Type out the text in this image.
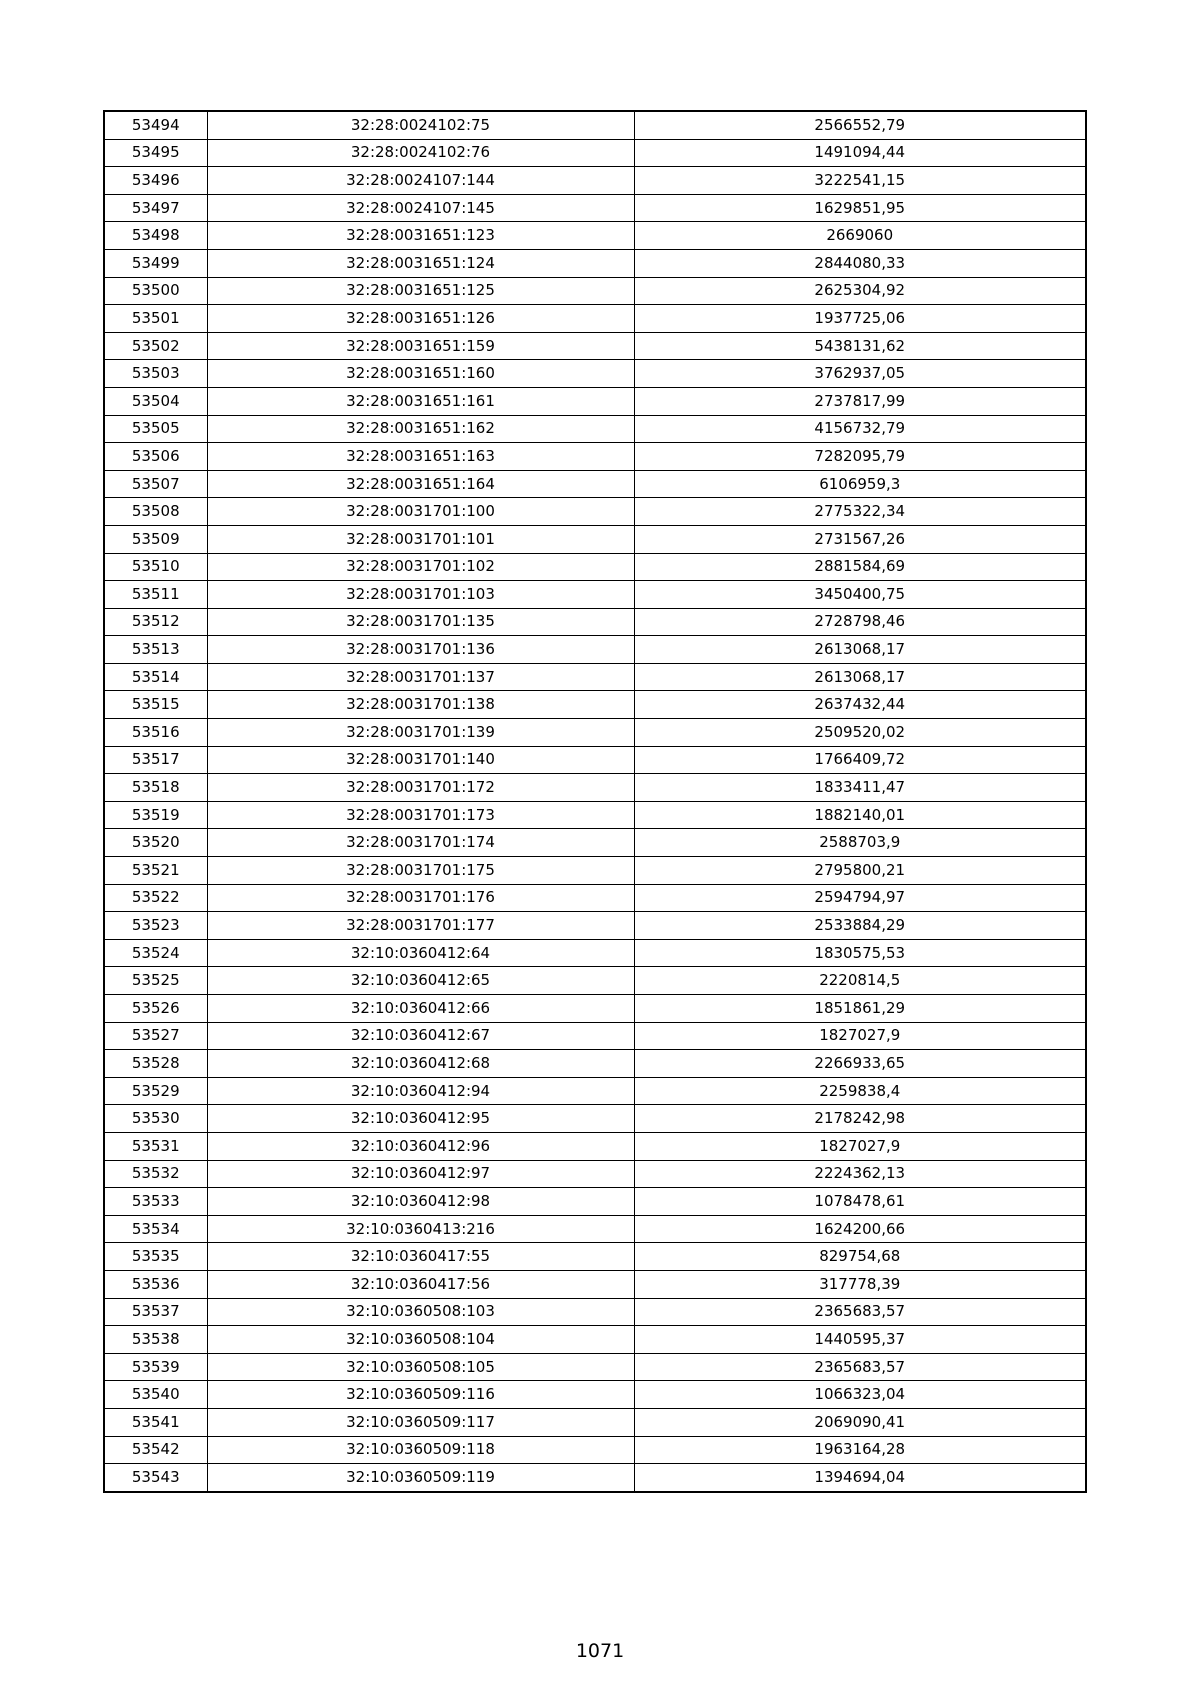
53494	32:28:0024102:75	2566552,79
53495	32:28:0024102:76	1491094,44
53496	32:28:0024107:144	3222541,15
53497	32:28:0024107:145	1629851,95
53498	32:28:0031651:123	2669060
53499	32:28:0031651:124	2844080,33
53500	32:28:0031651:125	2625304,92
53501	32:28:0031651:126	1937725,06
53502	32:28:0031651:159	5438131,62
53503	32:28:0031651:160	3762937,05
53504	32:28:0031651:161	2737817,99
53505	32:28:0031651:162	4156732,79
53506	32:28:0031651:163	7282095,79
53507	32:28:0031651:164	6106959,3
53508	32:28:0031701:100	2775322,34
53509	32:28:0031701:101	2731567,26
53510	32:28:0031701:102	2881584,69
53511	32:28:0031701:103	3450400,75
53512	32:28:0031701:135	2728798,46
53513	32:28:0031701:136	2613068,17
53514	32:28:0031701:137	2613068,17
53515	32:28:0031701:138	2637432,44
53516	32:28:0031701:139	2509520,02
53517	32:28:0031701:140	1766409,72
53518	32:28:0031701:172	1833411,47
53519	32:28:0031701:173	1882140,01
53520	32:28:0031701:174	2588703,9
53521	32:28:0031701:175	2795800,21
53522	32:28:0031701:176	2594794,97
53523	32:28:0031701:177	2533884,29
53524	32:10:0360412:64	1830575,53
53525	32:10:0360412:65	2220814,5
53526	32:10:0360412:66	1851861,29
53527	32:10:0360412:67	1827027,9
53528	32:10:0360412:68	2266933,65
53529	32:10:0360412:94	2259838,4
53530	32:10:0360412:95	2178242,98
53531	32:10:0360412:96	1827027,9
53532	32:10:0360412:97	2224362,13
53533	32:10:0360412:98	1078478,61
53534	32:10:0360413:216	1624200,66
53535	32:10:0360417:55	829754,68
53536	32:10:0360417:56	317778,39
53537	32:10:0360508:103	2365683,57
53538	32:10:0360508:104	1440595,37
53539	32:10:0360508:105	2365683,57
53540	32:10:0360509:116	1066323,04
53541	32:10:0360509:117	2069090,41
53542	32:10:0360509:118	1963164,28
53543	32:10:0360509:119	1394694,04
1071
